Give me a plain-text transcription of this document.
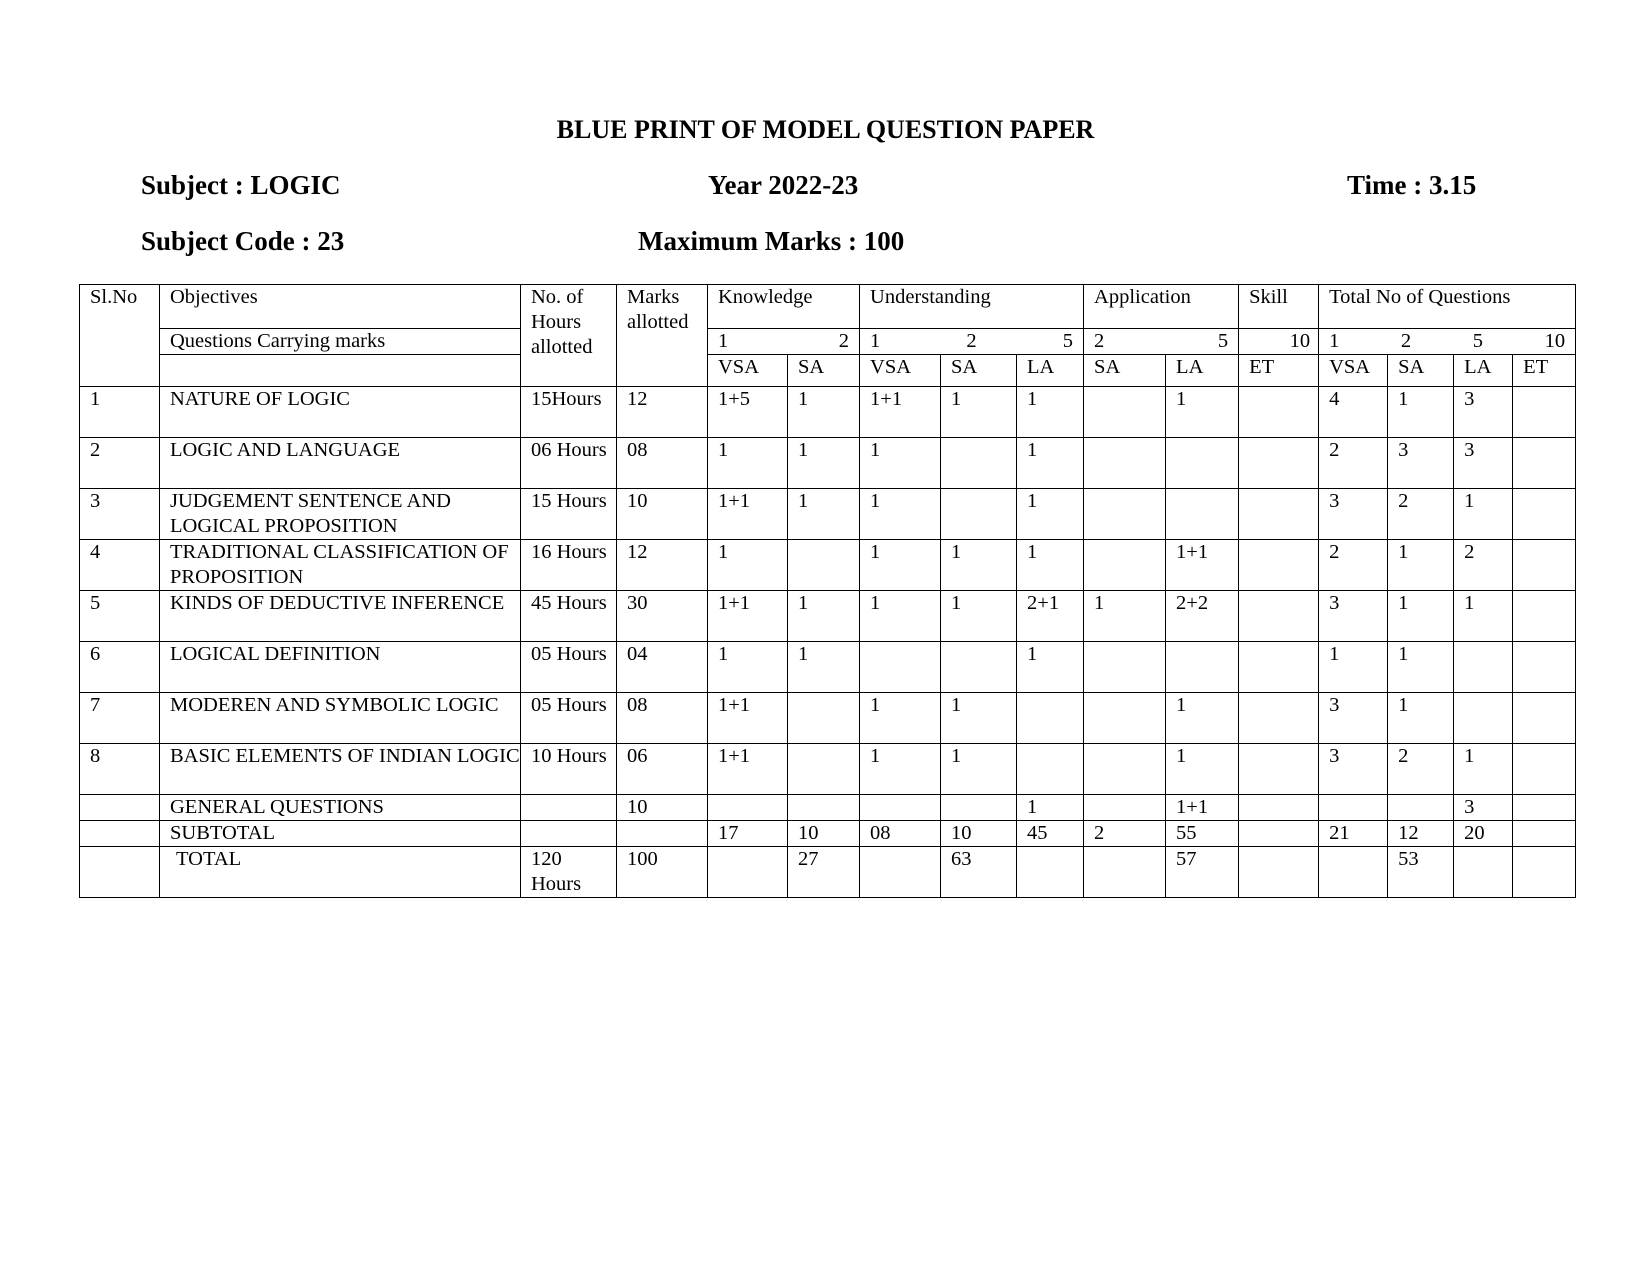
BLUE PRINT OF MODEL QUESTION PAPER
Subject : LOGIC	Year 2022-23	Time : 3.15
Subject Code : 23	Maximum Marks : 100
Sl.No	Objectives	No. of Hours allotted	Marks allotted	Knowledge		Understanding			Application		Skill	Total No of Questions			
	Questions Carrying marks			1 2		1 2 5			2 5		10	1 2 5 10			

				VSA	SA	VSA	SA	LA	SA	LA	ET	VSA	SA	LA	ET
1	NATURE OF LOGIC	15Hours	12	1+5	1	1+1	1	1		1		4	1	3	
2	LOGIC AND LANGUAGE	06 Hours	08	1	1	1		1				2	3	3	
3	JUDGEMENT SENTENCE AND LOGICAL PROPOSITION	15 Hours	10	1+1	1	1		1				3	2	1	
4	TRADITIONAL CLASSIFICATION OF PROPOSITION	16 Hours	12	1		1	1	1		1+1		2	1	2	
5	KINDS OF DEDUCTIVE INFERENCE	45 Hours	30	1+1	1	1	1	2+1	1	2+2		3	1	1	
6	LOGICAL DEFINITION	05 Hours	04	1	1			1				1	1		
7	MODEREN AND SYMBOLIC LOGIC	05 Hours	08	1+1		1	1			1		3	1		
8	BASIC ELEMENTS OF INDIAN LOGIC	10 Hours	06	1+1		1	1			1		3	2	1	
	GENERAL QUESTIONS		10					1		1+1				3	
	SUBTOTAL			17	10	08	10	45	2	55		21	12	20	
	TOTAL	120 Hours	100		27		63			57			53		
